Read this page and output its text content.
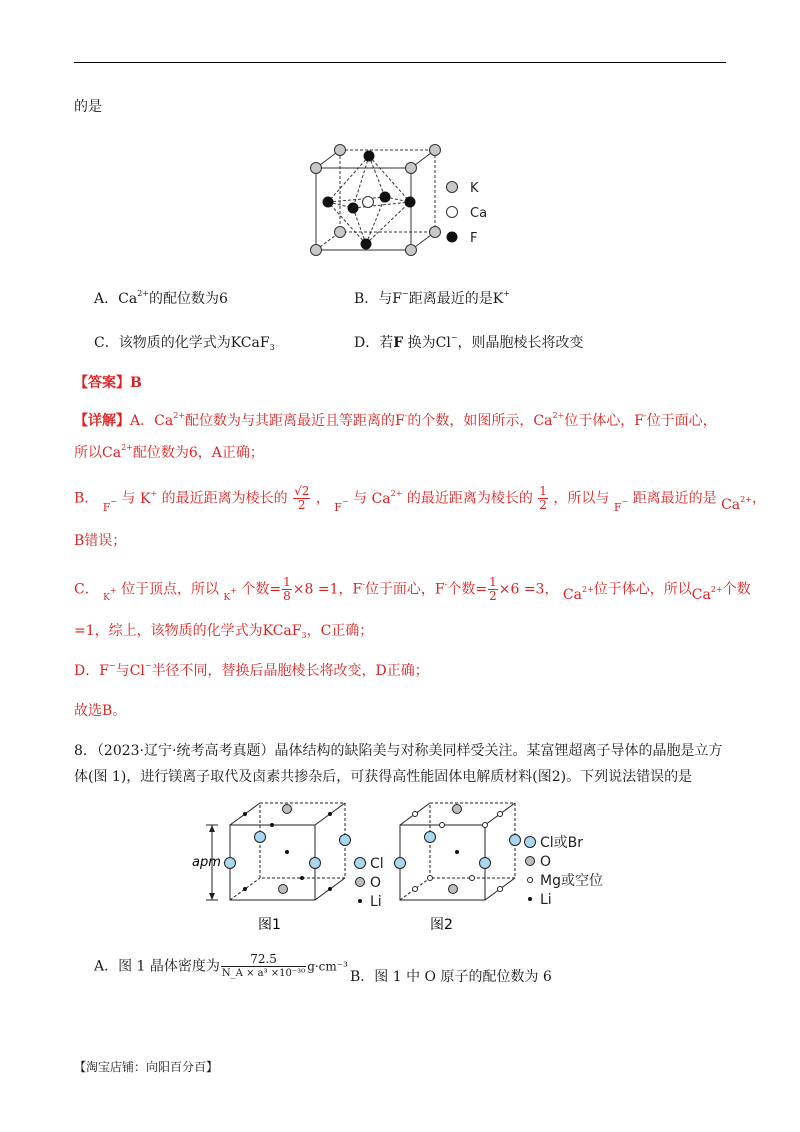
的是
K
Ca
F
A．$Ca^{2+}$的配位数为6	B．与F−距离最近的是K+
C．该物质的化学式为KCaF$_3$	D．若F 换为Cl−，则晶胞棱长将改变
【答案】B
【详解】A．$Ca^{2+}$配位数为与其距离最近且等距离的F-的个数，如图所示，$Ca^{2+}$位于体心，F-位于面心，
所以$Ca^{2+}$配位数为6，A正确；
B． $_{F^-}$ 与 K+ 的最近距离为棱长的 $\frac{√2}{2}$ ， $_{F^-}$ 与 $Ca^{2+}$ 的最近距离为棱长的 $\frac{1}{2}$ ，所以与 $_{F^-}$ 距离最近的是 $Ca^{2+}$，
B错误；
C． $_{K^+}$ 位于顶点，所以 $_{K^+}$ 个数= $\frac{1}{8} \times 8 =1$，F-位于面心，F-个数= $\frac{1}{2} \times 6 =3$， $Ca^{2+}$位于体心，所以$Ca^{2+}$个数
=1，综上，该物质的化学式为KCaF$_3$，C正确；
D．F−与Cl−半径不同，替换后晶胞棱长将改变，D正确；
故选B。
8．（2023·辽宁·统考高考真题）晶体结构的缺陷美与对称美同样受关注。某富锂超离子导体的晶胞是立方
体(图 1)，进行镁离子取代及卤素共掺杂后，可获得高性能固体电解质材料(图2)。下列说法错误的是
apm	Cl
O
Li
图1
Cl或Br
O
Mg或空位
Li
图2
A．图 1 晶体密度为 $\frac{72.5}{\text{N\_A × a³ ×10⁻³⁰}} g\cdot cm^{-3}$
B．图 1 中 O 原子的配位数为 6
【淘宝店铺：向阳百分百】
